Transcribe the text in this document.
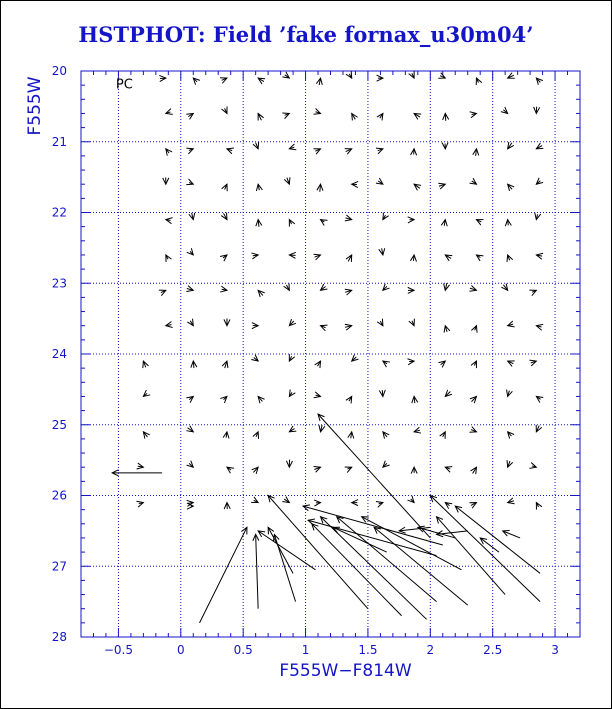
HSTPHOT: Field ’fake fornax_u30m04’
−0.5	0	0.5	1	1.5	2	2.5	3
20
21
22
23
24
25
26
27
28
PC
F555W−F814W
F555W
